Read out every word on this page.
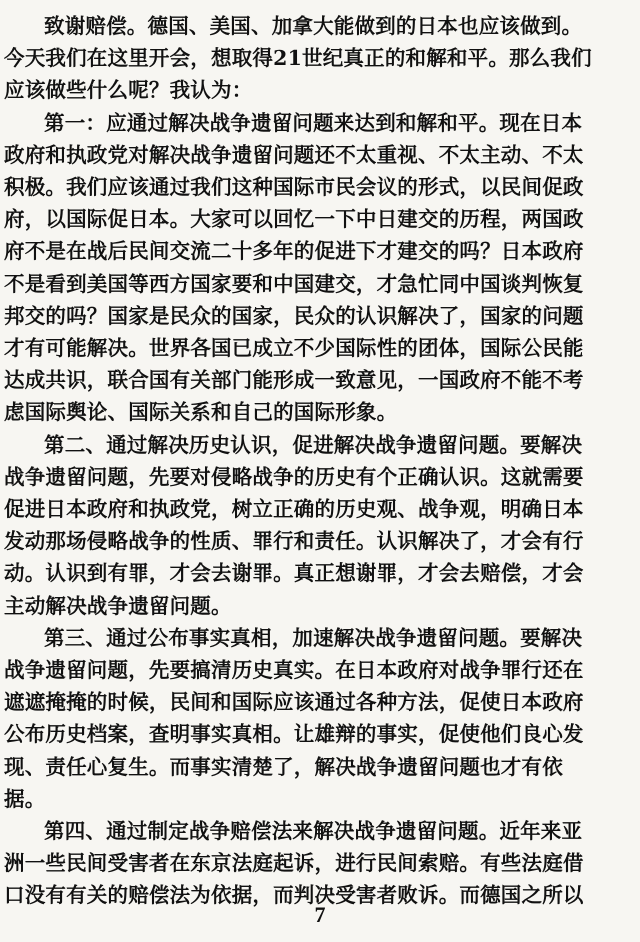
致谢赔偿。德国、美国、加拿大能做到的日本也应该做到。
今天我们在这里开会，想取得21世纪真正的和解和平。那么我们
应该做些什么呢？我认为：

第一：应通过解决战争遗留问题来达到和解和平。现在日本
政府和执政党对解决战争遗留问题还不太重视、不太主动、不太
积极。我们应该通过我们这种国际市民会议的形式，以民间促政
府，以国际促日本。大家可以回忆一下中日建交的历程，两国政
府不是在战后民间交流二十多年的促进下才建交的吗？日本政府
不是看到美国等西方国家要和中国建交，才急忙同中国谈判恢复
邦交的吗？国家是民众的国家，民众的认识解决了，国家的问题
才有可能解决。世界各国已成立不少国际性的团体，国际公民能
达成共识，联合国有关部门能形成一致意见，一国政府不能不考
虑国际舆论、国际关系和自己的国际形象。

第二、通过解决历史认识，促进解决战争遗留问题。要解决
战争遗留问题，先要对侵略战争的历史有个正确认识。这就需要
促进日本政府和执政党，树立正确的历史观、战争观，明确日本
发动那场侵略战争的性质、罪行和责任。认识解决了，才会有行
动。认识到有罪，才会去谢罪。真正想谢罪，才会去赔偿，才会
主动解决战争遗留问题。

第三、通过公布事实真相，加速解决战争遗留问题。要解决
战争遗留问题，先要搞清历史真实。在日本政府对战争罪行还在
遮遮掩掩的时候，民间和国际应该通过各种方法，促使日本政府
公布历史档案，查明事实真相。让雄辩的事实，促使他们良心发
现、责任心复生。而事实清楚了，解决战争遗留问题也才有依
据。

第四、通过制定战争赔偿法来解决战争遗留问题。近年来亚
洲一些民间受害者在东京法庭起诉，进行民间索赔。有些法庭借
口没有有关的赔偿法为依据，而判决受害者败诉。而德国之所以

7
